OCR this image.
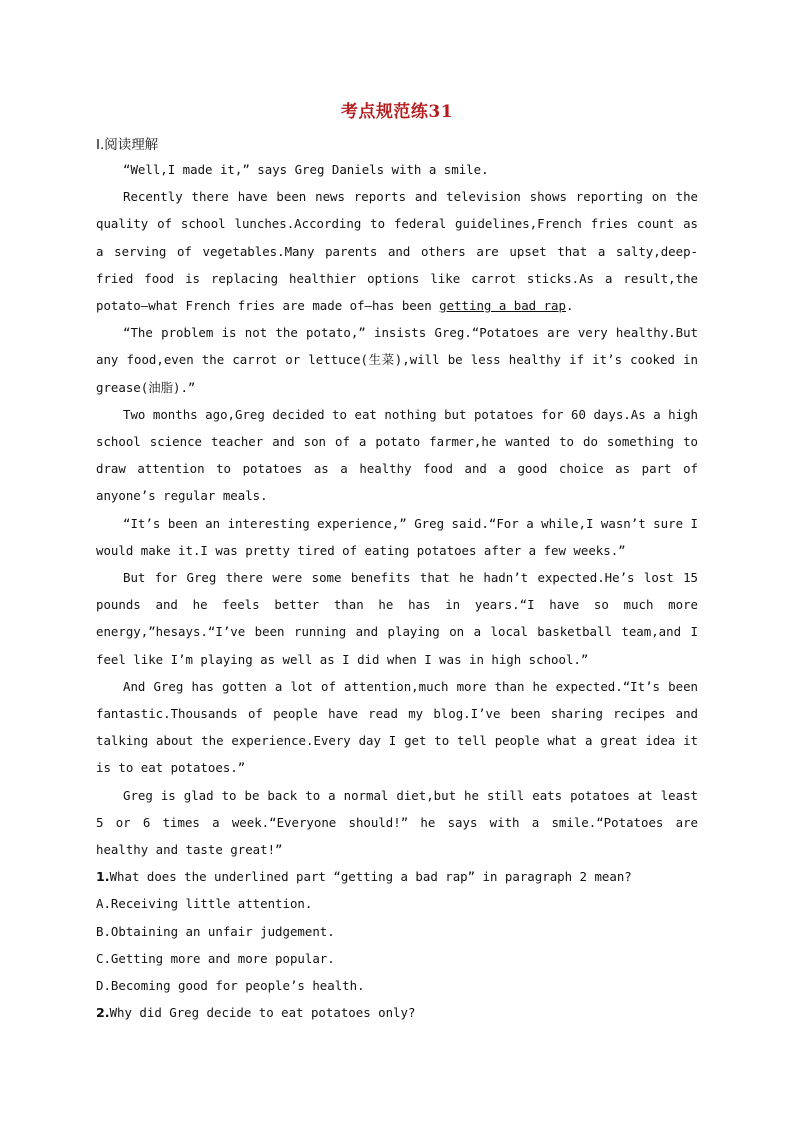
考点规范练31
Ⅰ.阅读理解

“Well,I made it,” says Greg Daniels with a smile.

Recently there have been news reports and television shows reporting on the quality of school lunches.According to federal guidelines,French fries count as a serving of vegetables.Many parents and others are upset that a salty,deep-fried food is replacing healthier options like carrot sticks.As a result,the potato—what French fries are made of—has been getting a bad rap.

“The problem is not the potato,” insists Greg.“Potatoes are very healthy.But any food,even the carrot or lettuce(生菜),will be less healthy if it’s cooked in grease(油脂).”

Two months ago,Greg decided to eat nothing but potatoes for 60 days.As a high school science teacher and son of a potato farmer,he wanted to do something to draw attention to potatoes as a healthy food and a good choice as part of anyone’s regular meals.

“It’s been an interesting experience,” Greg said.“For a while,I wasn’t sure I would make it.I was pretty tired of eating potatoes after a few weeks.”

But for Greg there were some benefits that he hadn’t expected.He’s lost 15 pounds and he feels better than he has in years.“I have so much more energy,”hesays.“I’ve been running and playing on a local basketball team,and I feel like I’m playing as well as I did when I was in high school.”

And Greg has gotten a lot of attention,much more than he expected.“It’s been fantastic.Thousands of people have read my blog.I’ve been sharing recipes and talking about the experience.Every day I get to tell people what a great idea it is to eat potatoes.”

Greg is glad to be back to a normal diet,but he still eats potatoes at least 5 or 6 times a week.“Everyone should!” he says with a smile.“Potatoes are healthy and taste great!”

1.What does the underlined part “getting a bad rap” in paragraph 2 mean?

A.Receiving little attention.

B.Obtaining an unfair judgement.

C.Getting more and more popular.

D.Becoming good for people’s health.

2.Why did Greg decide to eat potatoes only?
